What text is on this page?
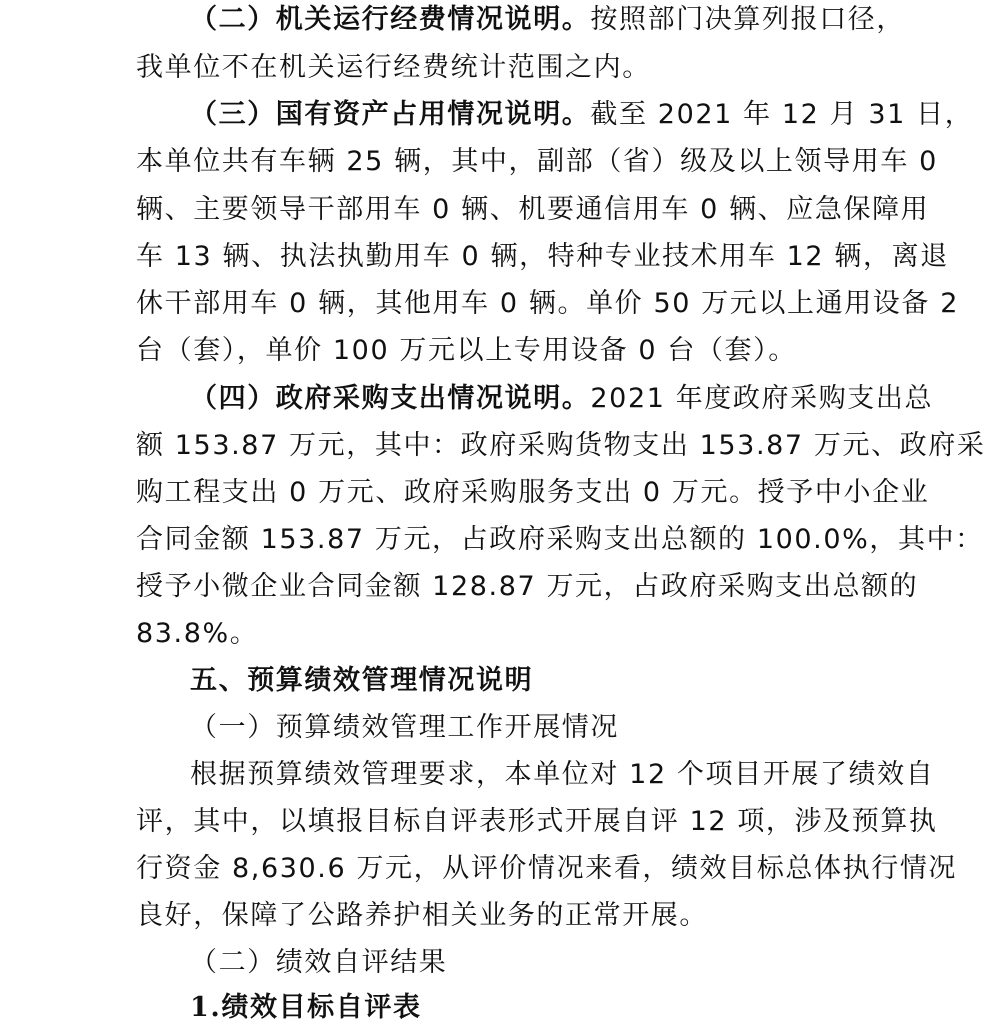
（二）机关运行经费情况说明。按照部门决算列报口径，
我单位不在机关运行经费统计范围之内。
（三）国有资产占用情况说明。截至 2021 年 12 月 31 日，
本单位共有车辆 25 辆，其中，副部（省）级及以上领导用车 0
辆、主要领导干部用车 0 辆、机要通信用车 0 辆、应急保障用
车 13 辆、执法执勤用车 0 辆，特种专业技术用车 12 辆，离退
休干部用车 0 辆，其他用车 0 辆。单价 50 万元以上通用设备 2
台（套），单价 100 万元以上专用设备 0 台（套）。
（四）政府采购支出情况说明。2021 年度政府采购支出总
额 153.87 万元，其中：政府采购货物支出 153.87 万元、政府采
购工程支出 0 万元、政府采购服务支出 0 万元。授予中小企业
合同金额 153.87 万元，占政府采购支出总额的 100.0%，其中：
授予小微企业合同金额 128.87 万元，占政府采购支出总额的
83.8%。
五、预算绩效管理情况说明
（一）预算绩效管理工作开展情况
根据预算绩效管理要求，本单位对 12 个项目开展了绩效自
评，其中，以填报目标自评表形式开展自评 12 项，涉及预算执
行资金 8,630.6 万元，从评价情况来看，绩效目标总体执行情况
良好，保障了公路养护相关业务的正常开展。
（二）绩效自评结果
1.绩效目标自评表
